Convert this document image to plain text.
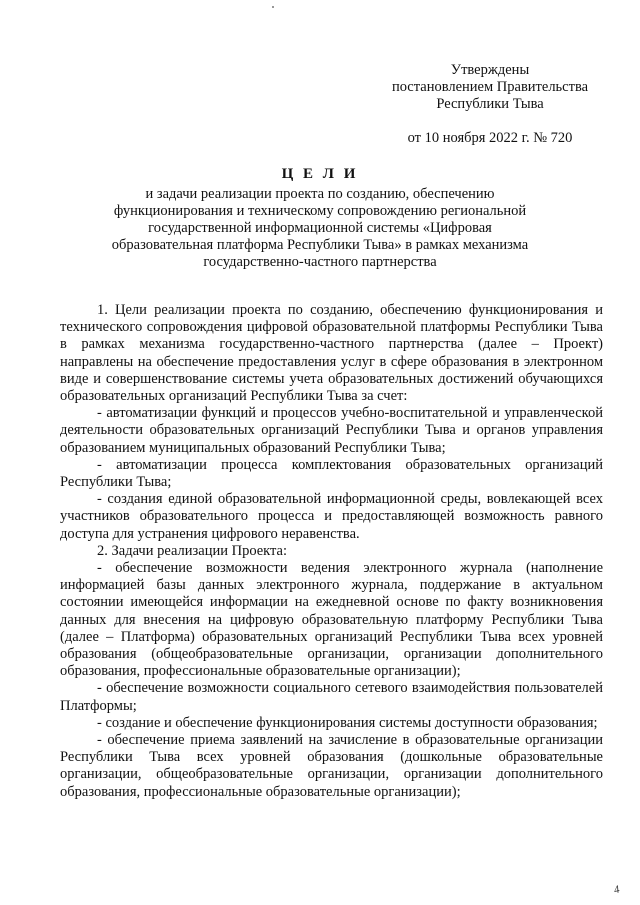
Утверждены
постановлением Правительства
Республики Тыва
от 10 ноября 2022 г. № 720
Ц Е Л И
и задачи реализации проекта по созданию, обеспечению функционирования и техническому сопровождению региональной государственной информационной системы «Цифровая образовательная платформа Республики Тыва» в рамках механизма государственно-частного партнерства

1. Цели реализации проекта по созданию, обеспечению функционирования и технического сопровождения цифровой образовательной платформы Республики Тыва в рамках механизма государственно-частного партнерства (далее – Проект) направлены на обеспечение предоставления услуг в сфере образования в электронном виде и совершенствование системы учета образовательных достижений обучающихся образовательных организаций Республики Тыва за счет:

- автоматизации функций и процессов учебно-воспитательной и управленческой деятельности образовательных организаций Республики Тыва и органов управления образованием муниципальных образований Республики Тыва;

- автоматизации процесса комплектования образовательных организаций Республики Тыва;

- создания единой образовательной информационной среды, вовлекающей всех участников образовательного процесса и предоставляющей возможность равного доступа для устранения цифрового неравенства.

2. Задачи реализации Проекта:

- обеспечение возможности ведения электронного журнала (наполнение информацией базы данных электронного журнала, поддержание в актуальном состоянии имеющейся информации на ежедневной основе по факту возникновения данных для внесения на цифровую образовательную платформу Республики Тыва (далее – Платформа) образовательных организаций Республики Тыва всех уровней образования (общеобразовательные организации, организации дополнительного образования, профессиональные образовательные организации);

- обеспечение возможности социального сетевого взаимодействия пользователей Платформы;

- создание и обеспечение функционирования системы доступности образования;

- обеспечение приема заявлений на зачисление в образовательные организации Республики Тыва всех уровней образования (дошкольные образовательные организации, общеобразовательные организации, организации дополнительного образования, профессиональные образовательные организации);

4
